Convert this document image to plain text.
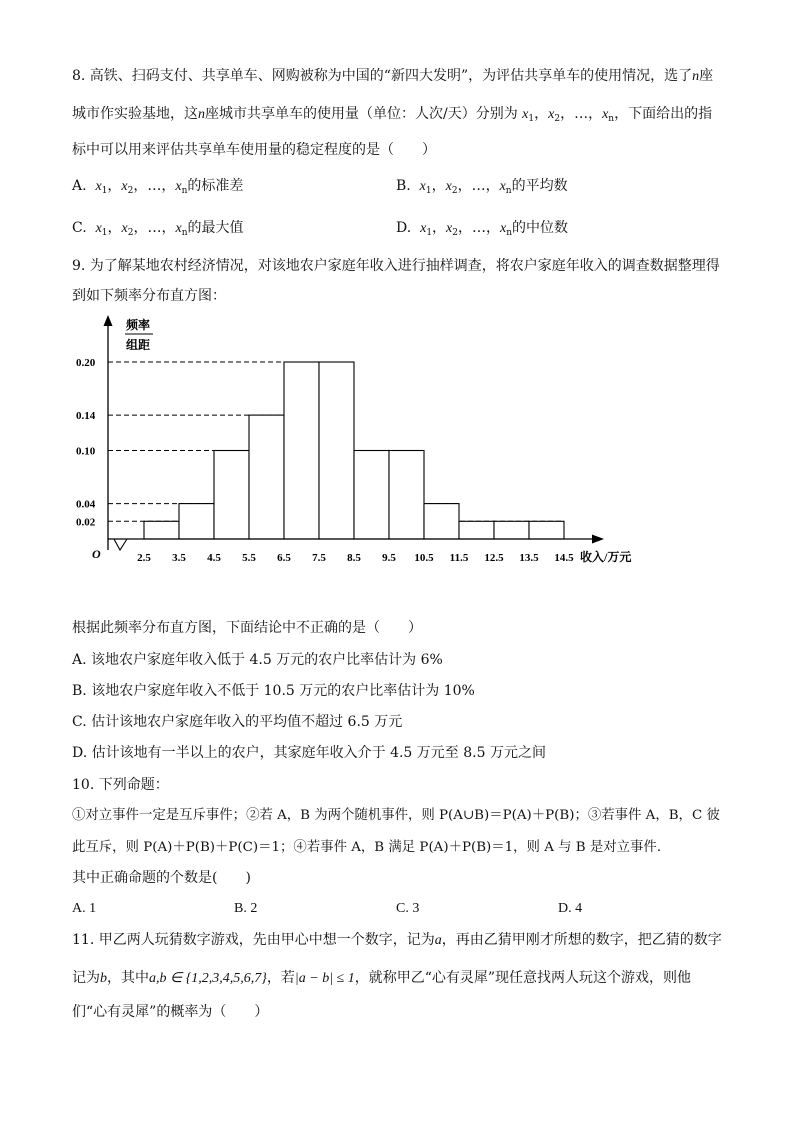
8. 高铁、扫码支付、共享单车、网购被称为中国的“新四大发明”，为评估共享单车的使用情况，选了n座
城市作实验基地，这n座城市共享单车的使用量（单位：人次/天）分别为 $x_1$，$x_2$，…，$x_n$，下面给出的指
标中可以用来评估共享单车使用量的稳定程度的是（　　）
A. $x_1$，$x_2$，…，$x_n$的标准差	B. $x_1$，$x_2$，…，$x_n$的平均数
C. $x_1$，$x_2$，…，$x_n$的最大值	D. $x_1$，$x_2$，…，$x_n$的中位数
9. 为了解某地农村经济情况，对该地农户家庭年收入进行抽样调查，将农户家庭年收入的调查数据整理得
到如下频率分布直方图：
0.02
0.04
0.10
0.14
0.20
2.5 3.5 4.5 5.5 6.5 7.5 8.5 9.5 10.5 11.5 12.5 13.5 14.5
O
频率
组距
收入/万元
根据此频率分布直方图，下面结论中不正确的是（　　）
A. 该地农户家庭年收入低于 4.5 万元的农户比率估计为 6%
B. 该地农户家庭年收入不低于 10.5 万元的农户比率估计为 10%
C. 估计该地农户家庭年收入的平均值不超过 6.5 万元
D. 估计该地有一半以上的农户，其家庭年收入介于 4.5 万元至 8.5 万元之间
10. 下列命题：
①对立事件一定是互斥事件；②若 A，B 为两个随机事件，则 P(A∪B)＝P(A)＋P(B)；③若事件 A，B，C 彼
此互斥，则 P(A)＋P(B)＋P(C)＝1；④若事件 A，B 满足 P(A)＋P(B)＝1，则 A 与 B 是对立事件．
其中正确命题的个数是(　　)
A. 1	B. 2	C. 3	D. 4
11. 甲乙两人玩猜数字游戏，先由甲心中想一个数字，记为a，再由乙猜甲刚才所想的数字，把乙猜的数字
记为b，其中a,b ∈ {1,2,3,4,5,6,7}，若|a − b| ≤ 1，就称甲乙“心有灵犀”现任意找两人玩这个游戏，则他
们“心有灵犀”的概率为（　　）
